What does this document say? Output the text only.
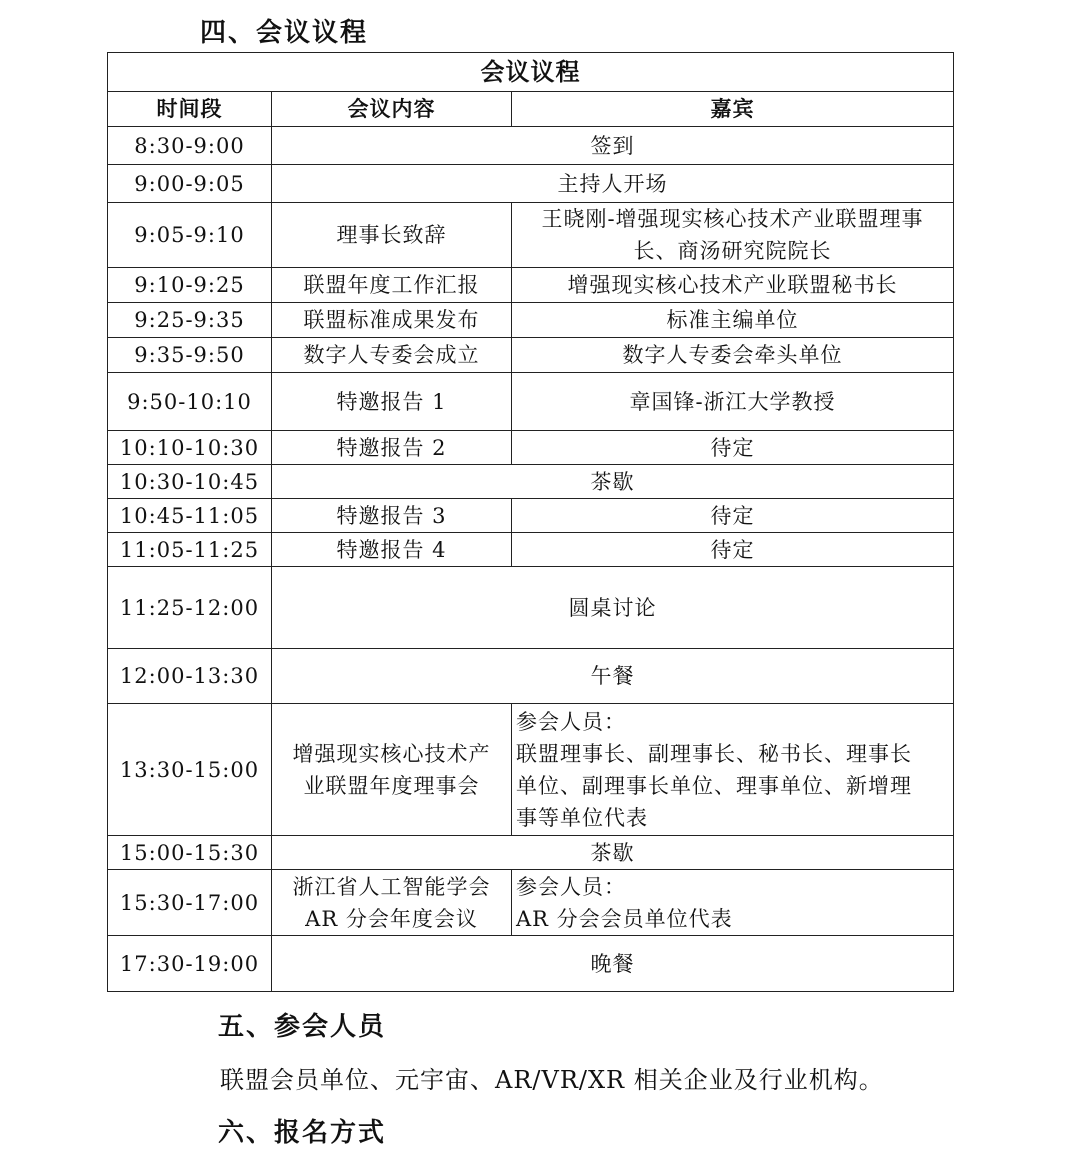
四、会议议程
会议议程		
时间段	会议内容	嘉宾
8:30-9:00	签到	
9:00-9:05	主持人开场	
9:05-9:10	理事长致辞	王晓刚-增强现实核心技术产业联盟理事
长、商汤研究院院长

9:10-9:25	联盟年度工作汇报	增强现实核心技术产业联盟秘书长
9:25-9:35	联盟标准成果发布	标准主编单位
9:35-9:50	数字人专委会成立	数字人专委会牵头单位
9:50-10:10	特邀报告 1	章国锋-浙江大学教授
10:10-10:30	特邀报告 2	待定
10:30-10:45	茶歇	
10:45-11:05	特邀报告 3	待定
11:05-11:25	特邀报告 4	待定
11:25-12:00	圆桌讨论	
12:00-13:30	午餐	
13:30-15:00	增强现实核心技术产
业联盟年度理事会	参会人员：
联盟理事长、副理事长、秘书长、理事长
单位、副理事长单位、理事单位、新增理
事等单位代表

15:00-15:30	茶歇	
15:30-17:00	浙江省人工智能学会
AR 分会年度会议	参会人员：
AR 分会会员单位代表

17:30-19:00	晚餐	
五、参会人员
联盟会员单位、元宇宙、AR/VR/XR 相关企业及行业机构。
六、报名方式
